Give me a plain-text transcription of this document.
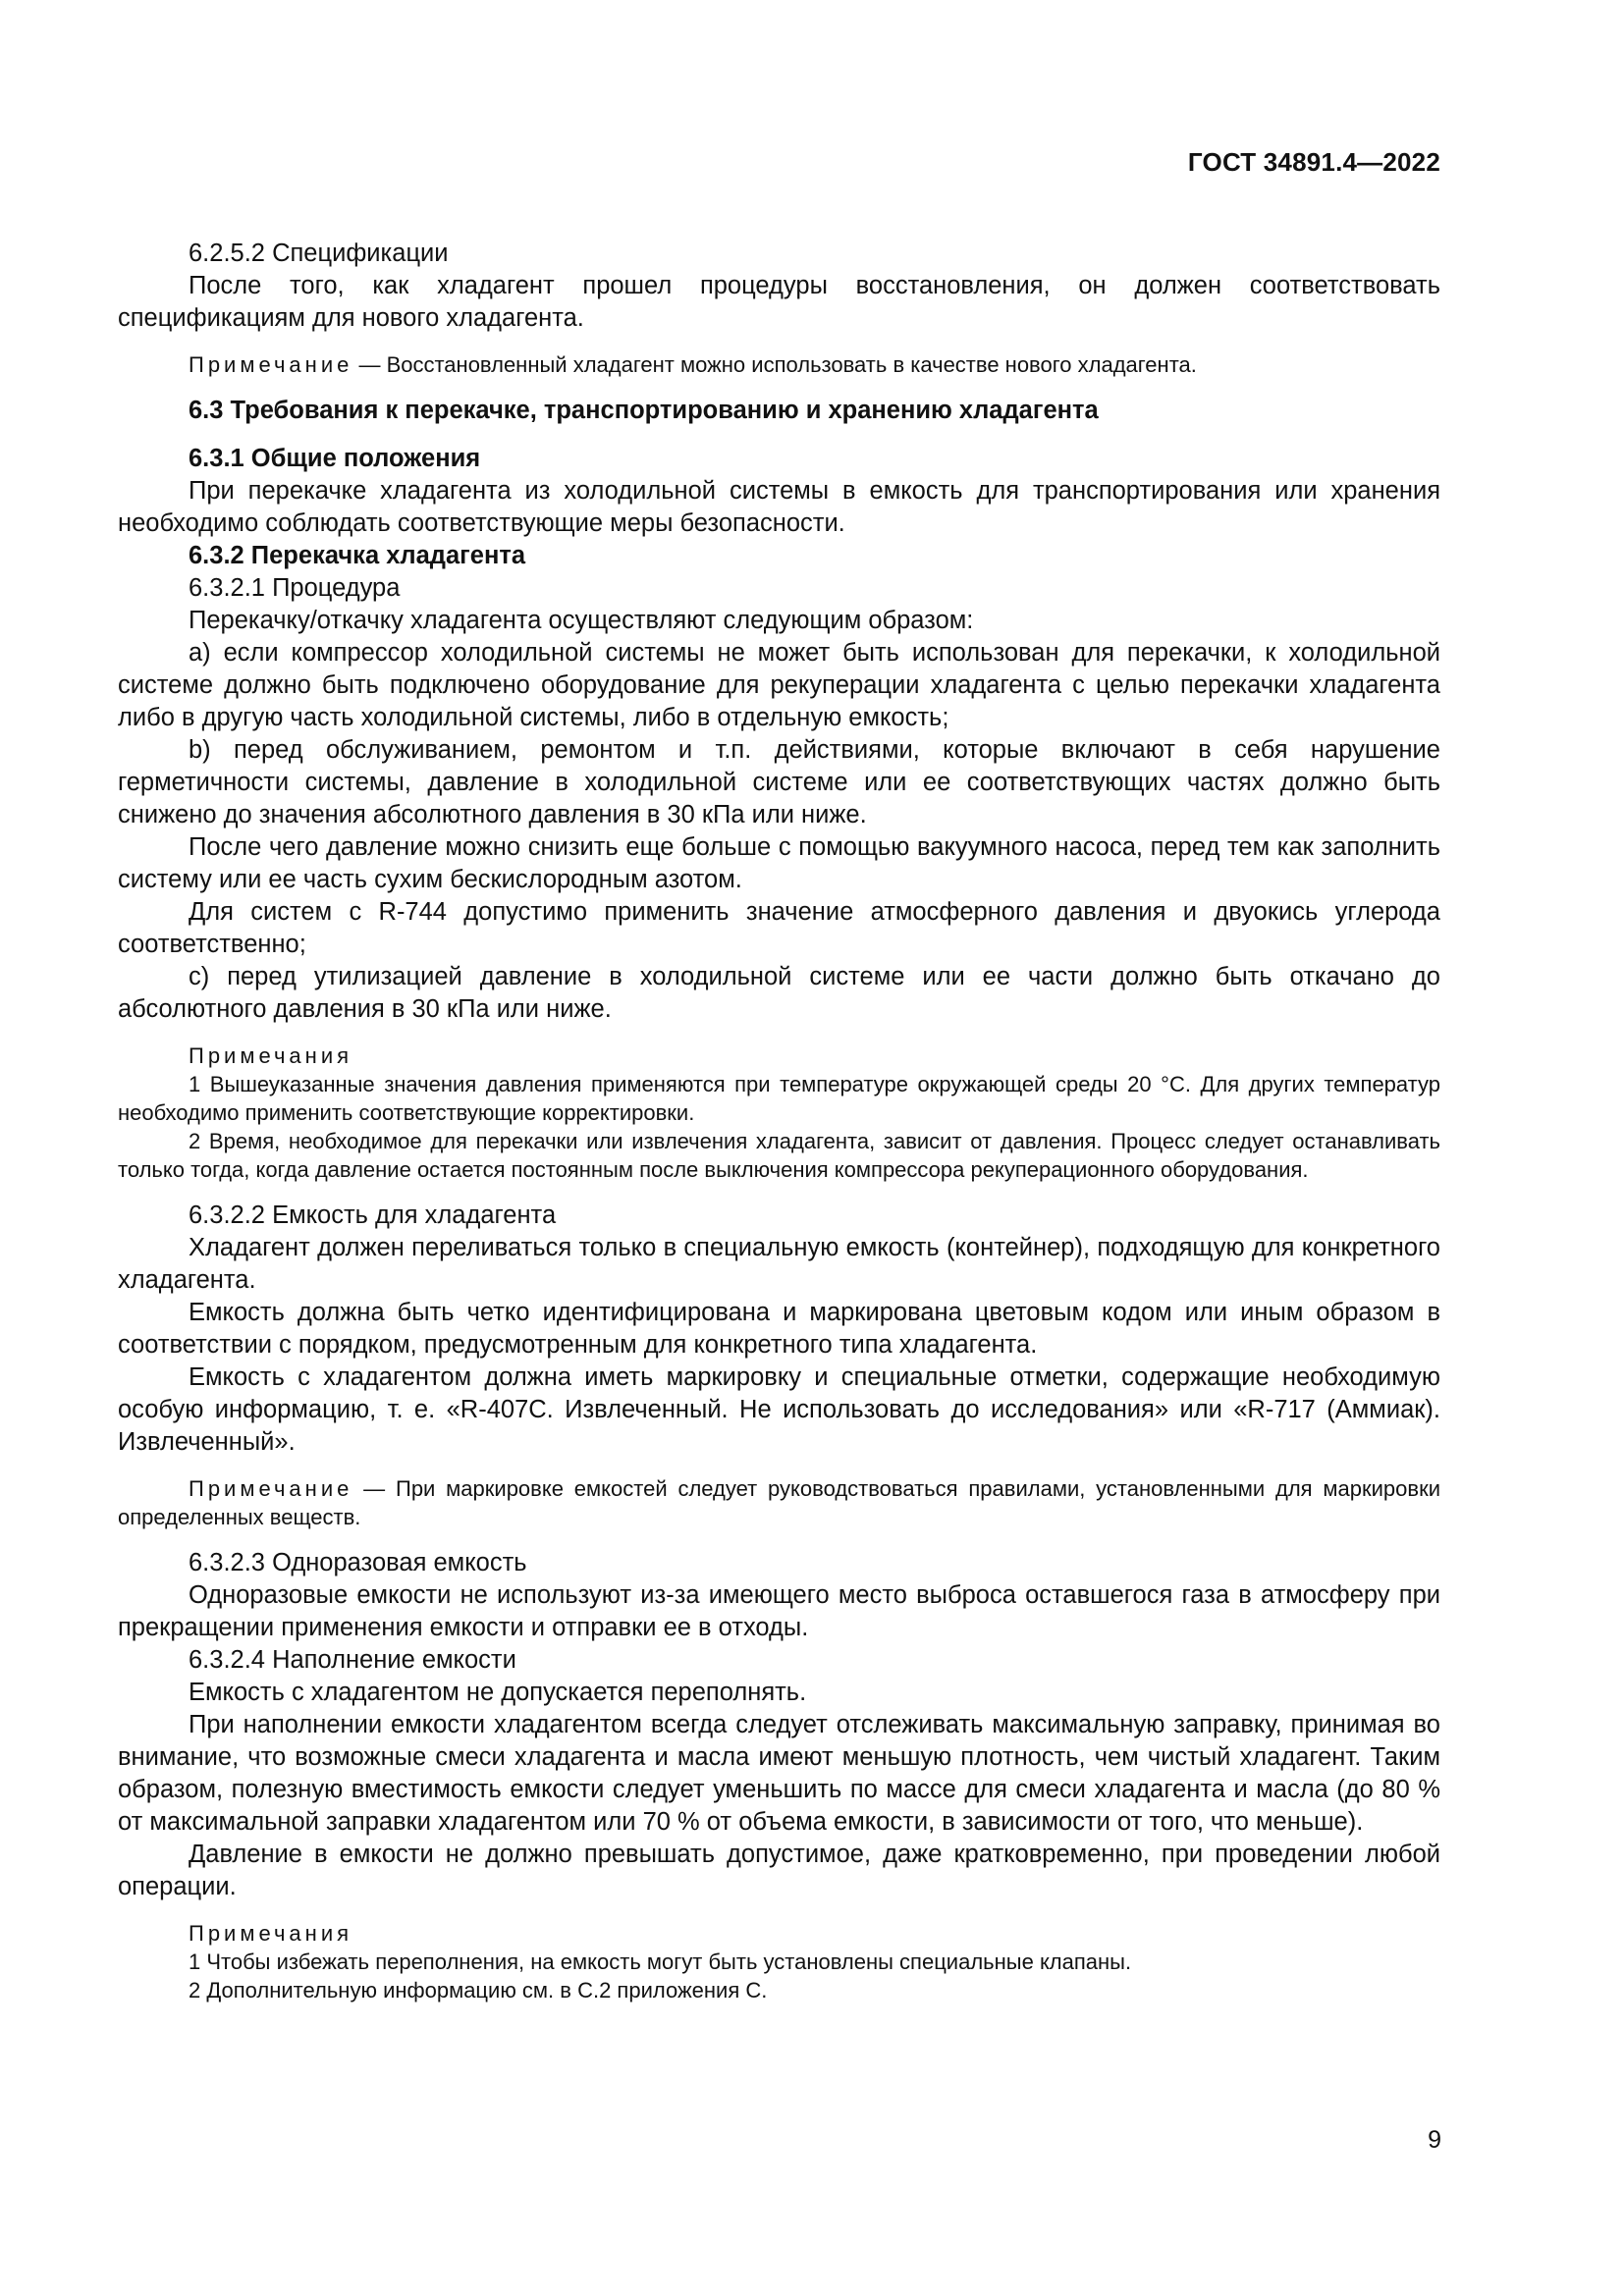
ГОСТ 34891.4—2022

6.2.5.2 Спецификации

После того, как хладагент прошел процедуры восстановления, он должен соответствовать спецификациям для нового хладагента.

Примечание — Восстановленный хладагент можно использовать в качестве нового хладагента.

6.3 Требования к перекачке, транспортированию и хранению хладагента

6.3.1 Общие положения

При перекачке хладагента из холодильной системы в емкость для транспортирования или хранения необходимо соблюдать соответствующие меры безопасности.

6.3.2 Перекачка хладагента

6.3.2.1 Процедура

Перекачку/откачку хладагента осуществляют следующим образом:

a) если компрессор холодильной системы не может быть использован для перекачки, к холодильной системе должно быть подключено оборудование для рекуперации хладагента с целью перекачки хладагента либо в другую часть холодильной системы, либо в отдельную емкость;

b) перед обслуживанием, ремонтом и т.п. действиями, которые включают в себя нарушение герметичности системы, давление в холодильной системе или ее соответствующих частях должно быть снижено до значения абсолютного давления в 30 кПа или ниже.

После чего давление можно снизить еще больше с помощью вакуумного насоса, перед тем как заполнить систему или ее часть сухим бескислородным азотом.

Для систем с R-744 допустимо применить значение атмосферного давления и двуокись углерода соответственно;

c) перед утилизацией давление в холодильной системе или ее части должно быть откачано до абсолютного давления в 30 кПа или ниже.

Примечания

1 Вышеуказанные значения давления применяются при температуре окружающей среды 20 °С. Для других температур необходимо применить соответствующие корректировки.

2 Время, необходимое для перекачки или извлечения хладагента, зависит от давления. Процесс следует останавливать только тогда, когда давление остается постоянным после выключения компрессора рекуперационного оборудования.

6.3.2.2 Емкость для хладагента

Хладагент должен переливаться только в специальную емкость (контейнер), подходящую для конкретного хладагента.

Емкость должна быть четко идентифицирована и маркирована цветовым кодом или иным образом в соответствии с порядком, предусмотренным для конкретного типа хладагента.

Емкость с хладагентом должна иметь маркировку и специальные отметки, содержащие необходимую особую информацию, т. е. «R-407C. Извлеченный. Не использовать до исследования» или «R-717 (Аммиак). Извлеченный».

Примечание — При маркировке емкостей следует руководствоваться правилами, установленными для маркировки определенных веществ.

6.3.2.3 Одноразовая емкость

Одноразовые емкости не используют из-за имеющего место выброса оставшегося газа в атмосферу при прекращении применения емкости и отправки ее в отходы.

6.3.2.4 Наполнение емкости

Емкость с хладагентом не допускается переполнять.

При наполнении емкости хладагентом всегда следует отслеживать максимальную заправку, принимая во внимание, что возможные смеси хладагента и масла имеют меньшую плотность, чем чистый хладагент. Таким образом, полезную вместимость емкости следует уменьшить по массе для смеси хладагента и масла (до 80 % от максимальной заправки хладагентом или 70 % от объема емкости, в зависимости от того, что меньше).

Давление в емкости не должно превышать допустимое, даже кратковременно, при проведении любой операции.

Примечания

1 Чтобы избежать переполнения, на емкость могут быть установлены специальные клапаны.

2 Дополнительную информацию см. в С.2 приложения С.

9
